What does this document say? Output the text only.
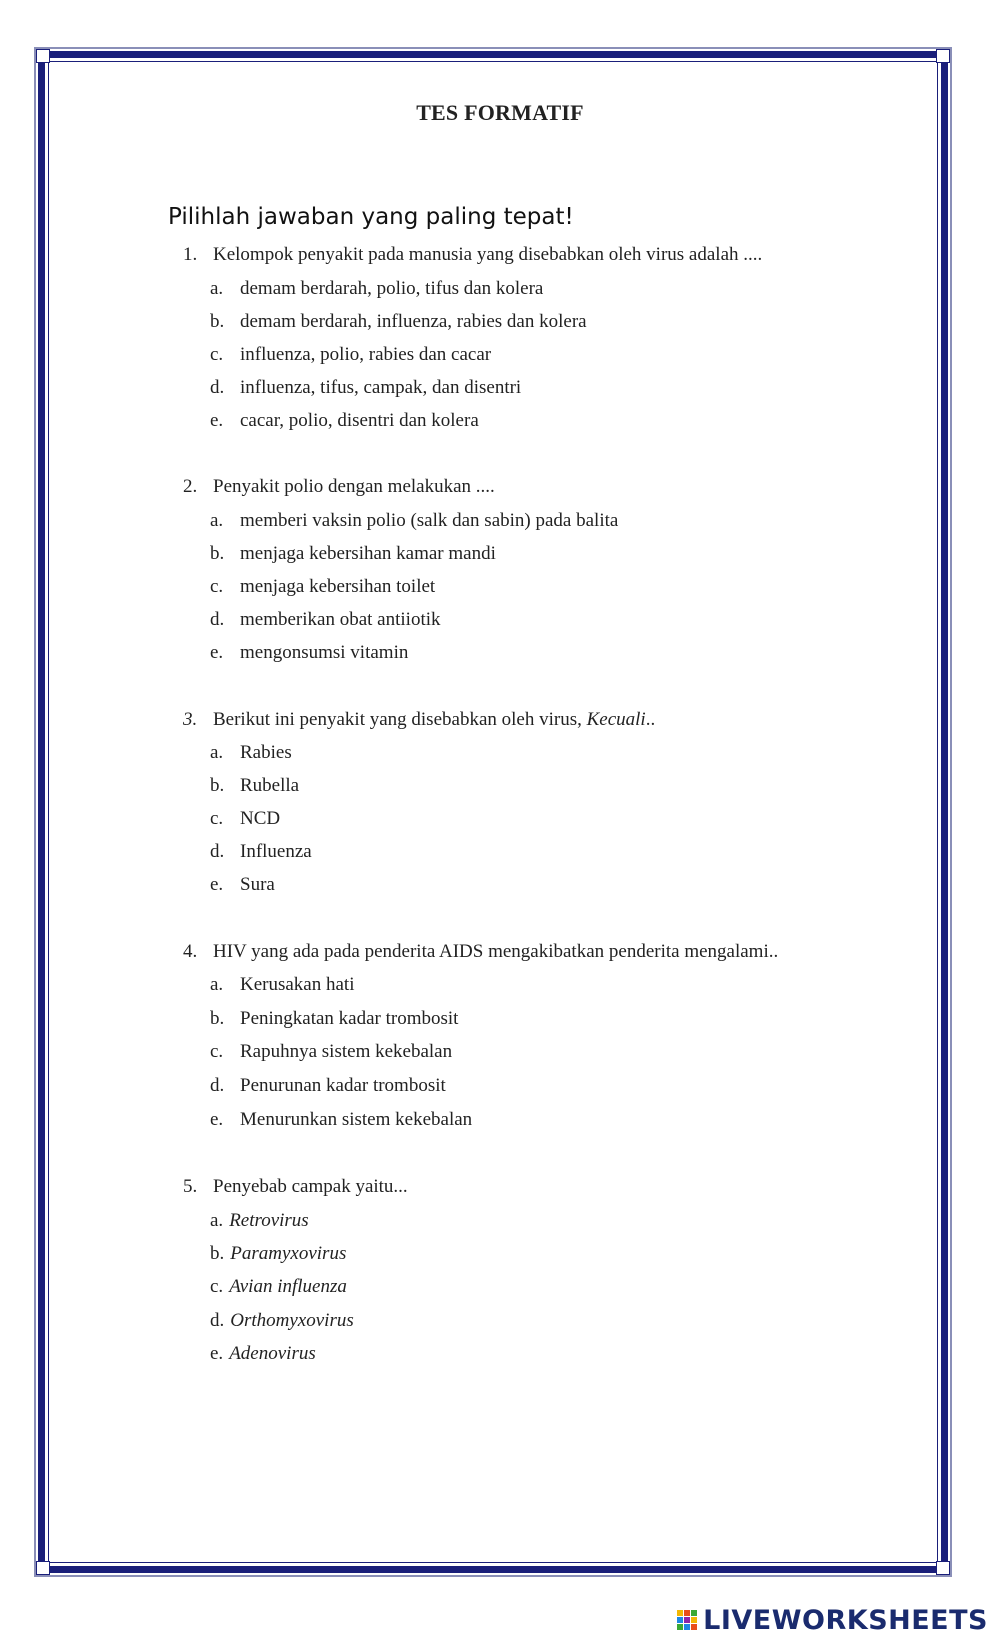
TES FORMATIF
Pilihlah jawaban yang paling tepat!
1. Kelompok penyakit pada manusia yang disebabkan oleh virus adalah ....
a. demam berdarah, polio, tifus dan kolera
b. demam berdarah, influenza, rabies dan kolera
c. influenza, polio, rabies dan cacar
d. influenza, tifus, campak, dan disentri
e. cacar, polio, disentri dan kolera
2. Penyakit polio dengan melakukan ....
a. memberi vaksin polio (salk dan sabin) pada balita
b. menjaga kebersihan kamar mandi
c. menjaga kebersihan toilet
d. memberikan obat antiiotik
e. mengonsumsi vitamin
3. Berikut ini penyakit yang disebabkan oleh virus, Kecuali..
a. Rabies
b. Rubella
c. NCD
d. Influenza
e. Sura
4. HIV yang ada pada penderita AIDS mengakibatkan penderita mengalami..
a. Kerusakan hati
b. Peningkatan kadar trombosit
c. Rapuhnya sistem kekebalan
d. Penurunan kadar trombosit
e. Menurunkan sistem kekebalan
5. Penyebab campak yaitu...
a. Retrovirus
b. Paramyxovirus
c. Avian influenza
d. Orthomyxovirus
e. Adenovirus
LIVEWORKSHEETS
